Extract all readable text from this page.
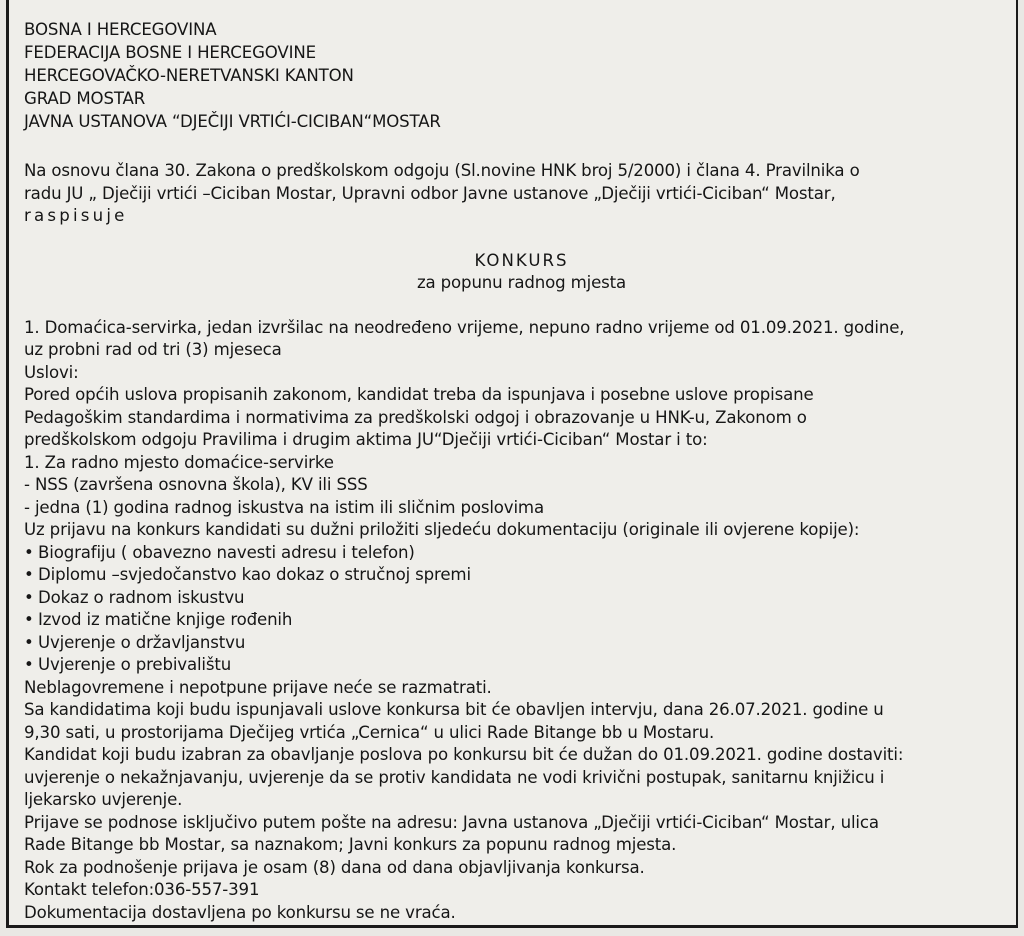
BOSNA I HERCEGOVINA
FEDERACIJA BOSNE I HERCEGOVINE
HERCEGOVAČKO-NERETVANSKI KANTON
GRAD MOSTAR
JAVNA USTANOVA “DJEČIJI VRTIĆI-CICIBAN“MOSTAR
Na osnovu člana 30. Zakona o predškolskom odgoju (Sl.novine HNK broj 5/2000) i člana 4. Pravilnika o
radu JU „ Dječiji vrtići –Ciciban Mostar, Upravni odbor Javne ustanove „Dječiji vrtići-Ciciban“ Mostar,
raspisuje
KONKURS
za popunu radnog mjesta
1. Domaćica-servirka, jedan izvršilac na neodređeno vrijeme, nepuno radno vrijeme od 01.09.2021. godine,
uz probni rad od tri (3) mjeseca
Uslovi:
Pored općih uslova propisanih zakonom, kandidat treba da ispunjava i posebne uslove propisane
Pedagoškim standardima i normativima za predškolski odgoj i obrazovanje u HNK-u, Zakonom o
predškolskom odgoju Pravilima i drugim aktima JU“Dječiji vrtići-Ciciban“ Mostar i to:
1. Za radno mjesto domaćice-servirke
- NSS (završena osnovna škola), KV ili SSS
- jedna (1) godina radnog iskustva na istim ili sličnim poslovima
Uz prijavu na konkurs kandidati su dužni priložiti sljedeću dokumentaciju (originale ili ovjerene kopije):
• Biografiju ( obavezno navesti adresu i telefon)
• Diplomu –svjedočanstvo kao dokaz o stručnoj spremi
• Dokaz o radnom iskustvu
• Izvod iz matične knjige rođenih
• Uvjerenje o državljanstvu
• Uvjerenje o prebivalištu
Neblagovremene i nepotpune prijave neće se razmatrati.
Sa kandidatima koji budu ispunjavali uslove konkursa bit će obavljen intervju, dana 26.07.2021. godine u
9,30 sati, u prostorijama Dječijeg vrtića „Cernica“ u ulici Rade Bitange bb u Mostaru.
Kandidat koji budu izabran za obavljanje poslova po konkursu bit će dužan do 01.09.2021. godine dostaviti:
uvjerenje o nekažnjavanju, uvjerenje da se protiv kandidata ne vodi krivični postupak, sanitarnu knjižicu i
ljekarsko uvjerenje.
Prijave se podnose isključivo putem pošte na adresu: Javna ustanova „Dječiji vrtići-Ciciban“ Mostar, ulica
Rade Bitange bb Mostar, sa naznakom; Javni konkurs za popunu radnog mjesta.
Rok za podnošenje prijava je osam (8) dana od dana objavljivanja konkursa.
Kontakt telefon:036-557-391
Dokumentacija dostavljena po konkursu se ne vraća.
